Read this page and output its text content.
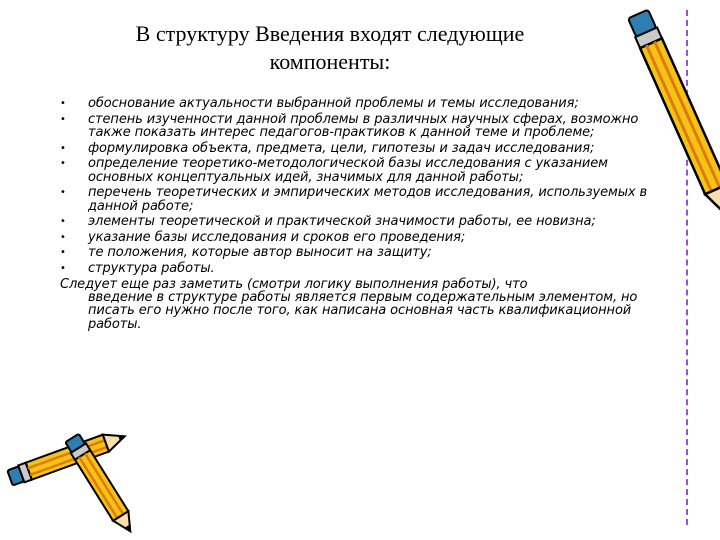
В структуру Введения входят следующие
компоненты:
• обоснование актуальности выбранной проблемы и темы исследования;
• степень изученности данной проблемы в различных научных сферах, возможно также показать интерес педагогов-практиков к данной теме и проблеме;
• формулировка объекта, предмета, цели, гипотезы и задач исследования;
• определение теоретико-методологической базы исследования с указанием основных концептуальных идей, значимых для данной работы;
• перечень теоретических и эмпирических методов исследования, используемых в данной работе;
• элементы теоретической и практической значимости работы, ее новизна;
• указание базы исследования и сроков его проведения;
• те положения, которые автор выносит на защиту;
• структура работы.
Следует еще раз заметить (смотри логику выполнения работы), что
введение в структуре работы является первым содержательным элементом, но писать его нужно после того, как написана основная часть квалификационной работы.
